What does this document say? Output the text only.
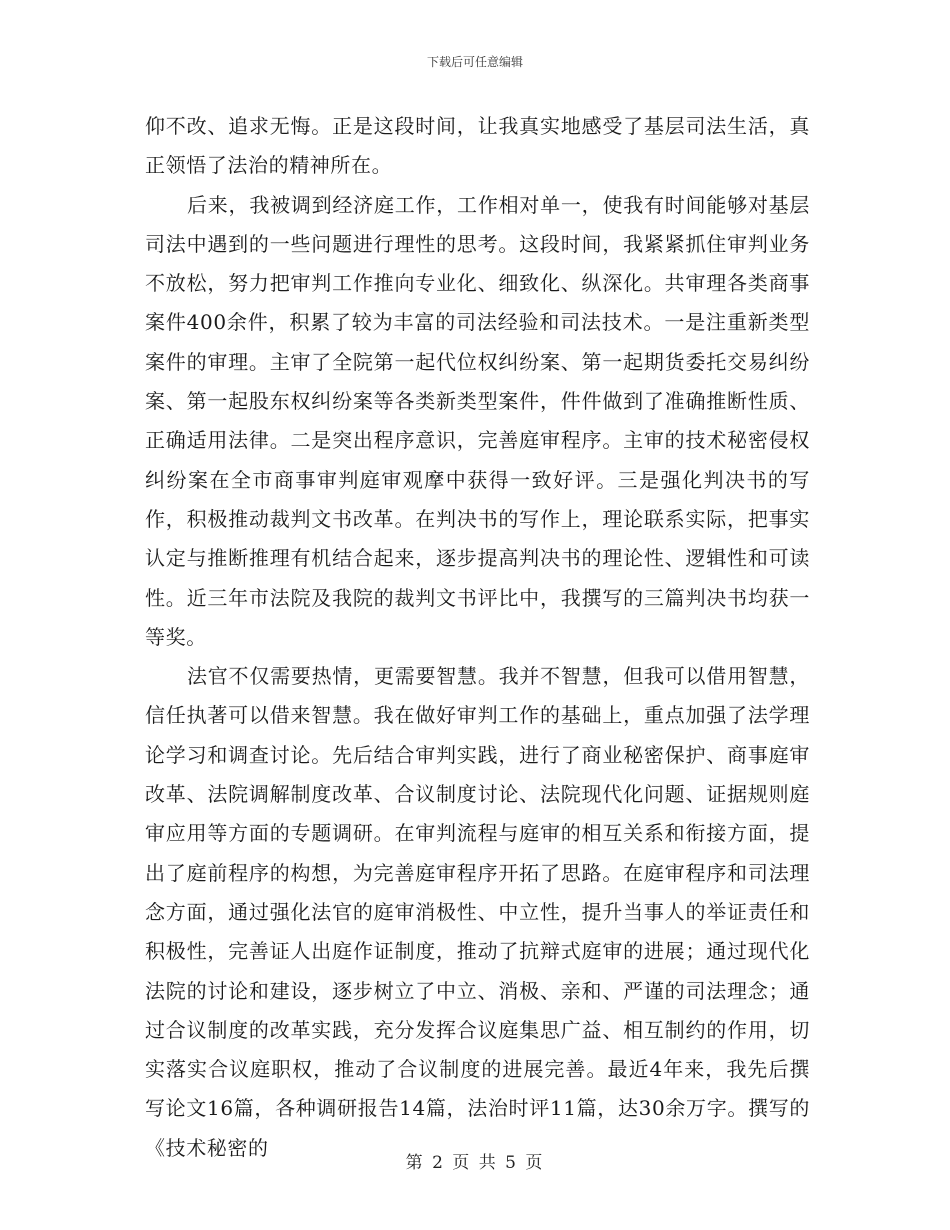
下载后可任意编辑

仰不改、追求无悔。正是这段时间，让我真实地感受了基层司法生活，真正领悟了法治的精神所在。

后来，我被调到经济庭工作，工作相对单一，使我有时间能够对基层司法中遇到的一些问题进行理性的思考。这段时间，我紧紧抓住审判业务不放松，努力把审判工作推向专业化、细致化、纵深化。共审理各类商事案件400余件，积累了较为丰富的司法经验和司法技术。一是注重新类型案件的审理。主审了全院第一起代位权纠纷案、第一起期货委托交易纠纷案、第一起股东权纠纷案等各类新类型案件，件件做到了准确推断性质、正确适用法律。二是突出程序意识，完善庭审程序。主审的技术秘密侵权纠纷案在全市商事审判庭审观摩中获得一致好评。三是强化判决书的写作，积极推动裁判文书改革。在判决书的写作上，理论联系实际，把事实认定与推断推理有机结合起来，逐步提高判决书的理论性、逻辑性和可读性。近三年市法院及我院的裁判文书评比中，我撰写的三篇判决书均获一等奖。

法官不仅需要热情，更需要智慧。我并不智慧，但我可以借用智慧，信任执著可以借来智慧。我在做好审判工作的基础上，重点加强了法学理论学习和调查讨论。先后结合审判实践，进行了商业秘密保护、商事庭审改革、法院调解制度改革、合议制度讨论、法院现代化问题、证据规则庭审应用等方面的专题调研。在审判流程与庭审的相互关系和衔接方面，提出了庭前程序的构想，为完善庭审程序开拓了思路。在庭审程序和司法理念方面，通过强化法官的庭审消极性、中立性，提升当事人的举证责任和积极性，完善证人出庭作证制度，推动了抗辩式庭审的进展；通过现代化法院的讨论和建设，逐步树立了中立、消极、亲和、严谨的司法理念；通过合议制度的改革实践，充分发挥合议庭集思广益、相互制约的作用，切实落实合议庭职权，推动了合议制度的进展完善。最近4年来，我先后撰写论文16篇，各种调研报告14篇，法治时评11篇，达30余万字。撰写的《技术秘密的

第 2 页 共 5 页
